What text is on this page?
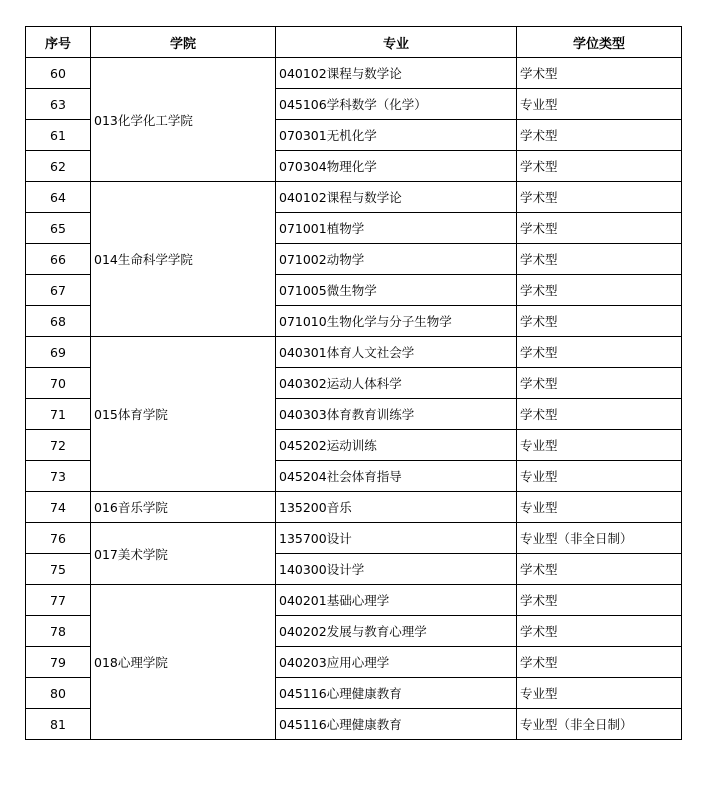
序号	学院	专业	学位类型
60	013化学化工学院	040102课程与数学论	学术型
63		045106学科数学（化学）	专业型
61		070301无机化学	学术型
62		070304物理化学	学术型
64	014生命科学学院	040102课程与数学论	学术型
65		071001植物学	学术型
66		071002动物学	学术型
67		071005微生物学	学术型
68		071010生物化学与分子生物学	学术型
69	015体育学院	040301体育人文社会学	学术型
70		040302运动人体科学	学术型
71		040303体育教育训练学	学术型
72		045202运动训练	专业型
73		045204社会体育指导	专业型
74	016音乐学院	135200音乐	专业型
76	017美术学院	135700设计	专业型（非全日制）
75		140300设计学	学术型
77	018心理学院	040201基础心理学	学术型
78		040202发展与教育心理学	学术型
79		040203应用心理学	学术型
80		045116心理健康教育	专业型
81		045116心理健康教育	专业型（非全日制）
